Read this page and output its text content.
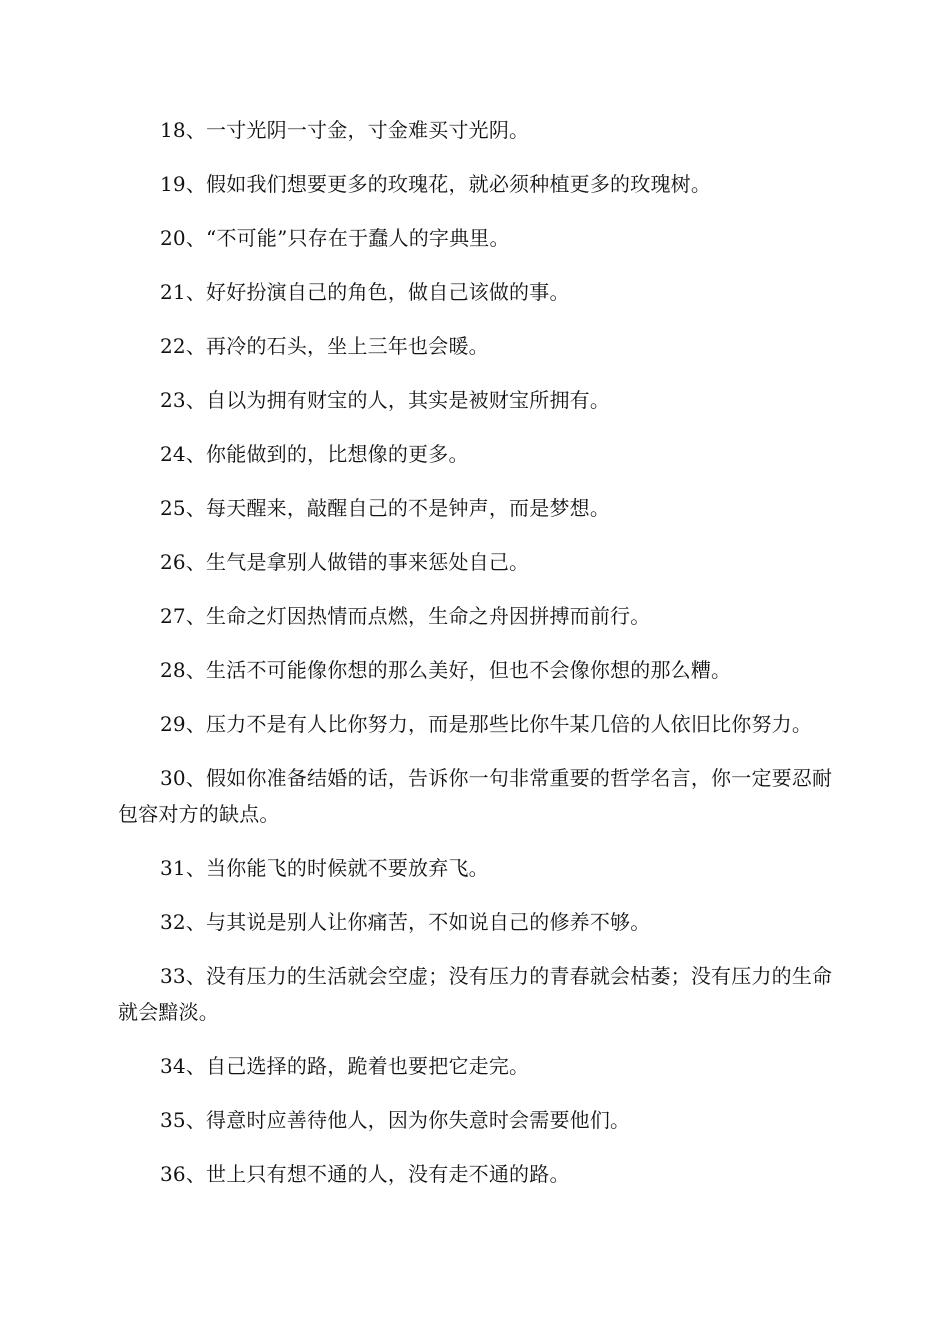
18、一寸光阴一寸金，寸金难买寸光阴。

19、假如我们想要更多的玫瑰花，就必须种植更多的玫瑰树。

20、“不可能”只存在于蠢人的字典里。

21、好好扮演自己的角色，做自己该做的事。

22、再冷的石头，坐上三年也会暖。

23、自以为拥有财宝的人，其实是被财宝所拥有。

24、你能做到的，比想像的更多。

25、每天醒来，敲醒自己的不是钟声，而是梦想。

26、生气是拿别人做错的事来惩处自己。

27、生命之灯因热情而点燃，生命之舟因拼搏而前行。

28、生活不可能像你想的那么美好，但也不会像你想的那么糟。

29、压力不是有人比你努力，而是那些比你牛某几倍的人依旧比你努力。

30、假如你准备结婚的话，告诉你一句非常重要的哲学名言，你一定要忍耐包容对方的缺点。

31、当你能飞的时候就不要放弃飞。

32、与其说是别人让你痛苦，不如说自己的修养不够。

33、没有压力的生活就会空虚；没有压力的青春就会枯萎；没有压力的生命就会黯淡。

34、自己选择的路，跪着也要把它走完。

35、得意时应善待他人，因为你失意时会需要他们。

36、世上只有想不通的人，没有走不通的路。
